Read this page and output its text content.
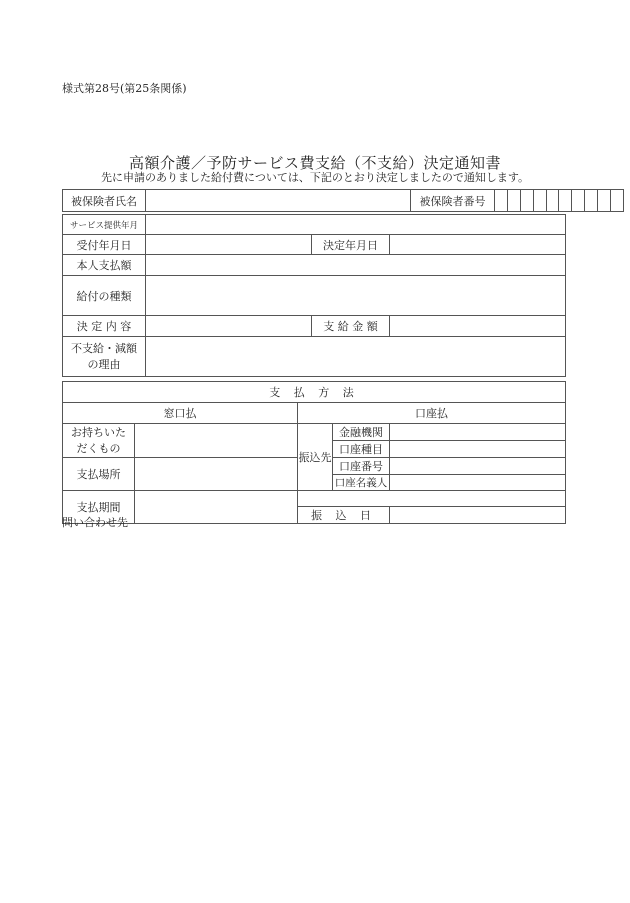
様式第28号(第25条関係)
高額介護／予防サービス費支給（不支給）決定通知書
先に申請のありました給付費については、下記のとおり決定しましたので通知します。
被保険者氏名		被保険者番号										
サービス提供年月			
受付年月日		決定年月日	
本人支払額			
給付の種類			
決 定 内 容		支 給 金 額	

不支給・減額
の理由			

支 払 方 法				
窓口払		口座払		

お持ちいた
だくもの		振込先	金融機関	
			口座種目	
支払場所			口座番号	
			口座名義人	
支払期間				
		振 込 日		
問い合わせ先
